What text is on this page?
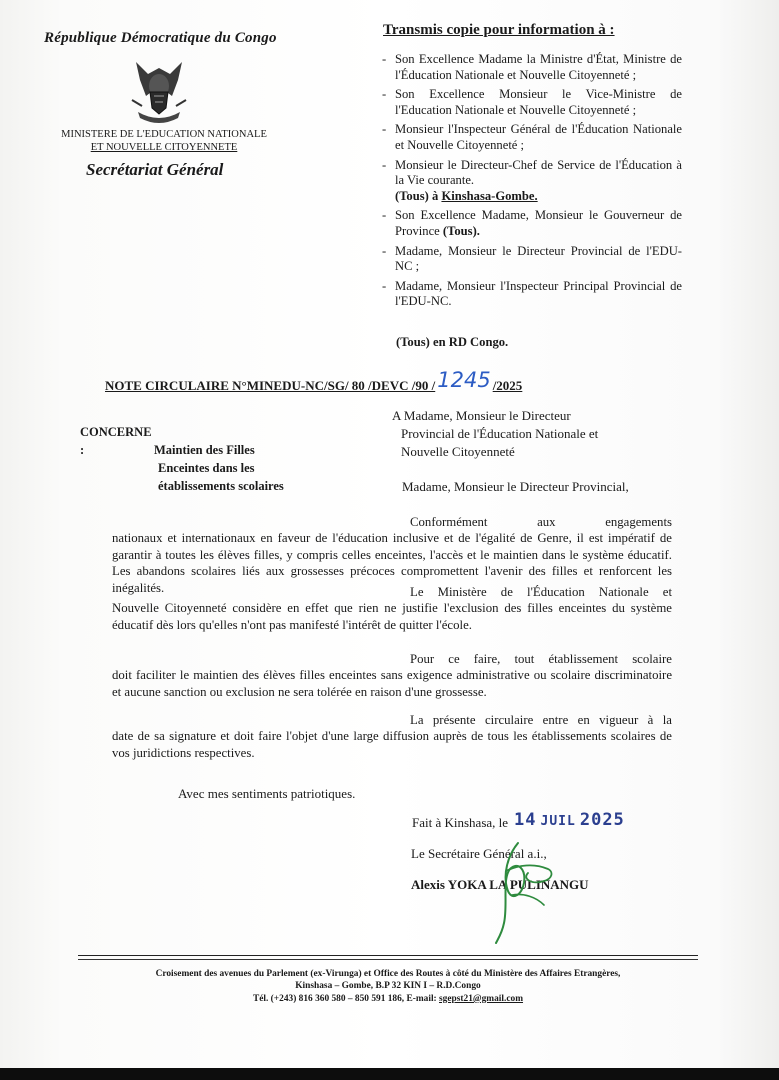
République Démocratique du Congo
MINISTERE DE L'EDUCATION NATIONALE
ET NOUVELLE CITOYENNETE
Secrétariat Général
Transmis copie pour information à :
- Son Excellence Madame la Ministre d'État, Ministre de l'Éducation Nationale et Nouvelle Citoyenneté ;
- Son Excellence Monsieur le Vice-Ministre de l'Education Nationale et Nouvelle Citoyenneté ;
- Monsieur l'Inspecteur Général de l'Éducation Nationale et Nouvelle Citoyenneté ;
- Monsieur le Directeur-Chef de Service de l'Éducation à la Vie courante.
(Tous) à Kinshasa-Gombe.
- Son Excellence Madame, Monsieur le Gouverneur de Province (Tous).
- Madame, Monsieur le Directeur Provincial de l'EDU-NC ;
- Madame, Monsieur l'Inspecteur Principal Provincial de l'EDU-NC.
(Tous) en RD Congo.
NOTE CIRCULAIRE N°MINEDU-NC/SG/ 80 /DEVC /90 /1245 /2025
CONCERNE :	Maintien des Filles
Enceintes dans les
établissements scolaires
A Madame, Monsieur le Directeur
Provincial de l'Éducation Nationale et
Nouvelle Citoyenneté
Madame, Monsieur le Directeur Provincial,
Conformément aux engagements
nationaux et internationaux en faveur de l'éducation inclusive et de l'égalité de Genre, il est impératif de garantir à toutes les élèves filles, y compris celles enceintes, l'accès et le maintien dans le système éducatif. Les abandons scolaires liés aux grossesses précoces compromettent l'avenir des filles et renforcent les inégalités.	Le Ministère de l'Éducation Nationale et
Nouvelle Citoyenneté considère en effet que rien ne justifie l'exclusion des filles enceintes du système éducatif dès lors qu'elles n'ont pas manifesté l'intérêt de quitter l'école.
Pour ce faire, tout établissement scolaire
doit faciliter le maintien des élèves filles enceintes sans exigence administrative ou scolaire discriminatoire et aucune sanction ou exclusion ne sera tolérée en raison d'une grossesse.
La présente circulaire entre en vigueur à la
date de sa signature et doit faire l'objet d'une large diffusion auprès de tous les établissements scolaires de vos juridictions respectives.
Avec mes sentiments patriotiques.
Fait à Kinshasa, le 14 JUIL 2025
Le Secrétaire Général a.i.,
Alexis YOKA LA PULINANGU
Croisement des avenues du Parlement (ex-Virunga) et Office des Routes à côté du Ministère des Affaires Etrangères,
Kinshasa – Gombe, B.P 32 KIN I – R.D.Congo
Tél. (+243) 816 360 580 – 850 591 186, E-mail: sgepst21@gmail.com
